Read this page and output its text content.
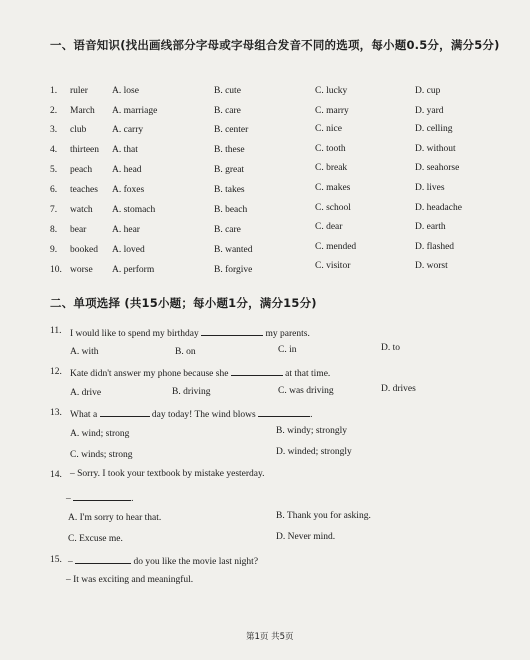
一、语音知识(找出画线部分字母或字母组合发音不同的选项，每小题0.5分，满分5分)
1. ruler	A. lose	B. cute	C. lucky	D. cup
2. March A. marriage	B. care	C. marry	D. yard
3. club	A. carry	B. center	C. nice	D. celling
4. thirteen A. that	B. these	C. tooth	D. without
5. peach A. head	B. great	C. break	D. seahorse
6. teaches A. foxes	B. takes	C. makes	D. lives
7. watch A. stomach	B. beach	C. school	D. headache
8. bear	A. hear	B. care	C. dear	D. earth
9. booked A. loved	B. wanted	C. mended	D. flashed
10. worse A. perform	B. forgive	C. visitor	D. worst
二、单项选择 (共15小题；每小题1分，满分15分)
11. I would like to spend my birthday	my parents.
A. with	B. on	C. in	D. to
12. Kate didn't answer my phone because she	at that time.
A. drive	B. driving	C. was driving	D. drives
13. What a	day today! The wind blows	.
A. wind; strong	B. windy; strongly
C. winds; strong	D. winded; strongly
14. – Sorry. I took your textbook by mistake yesterday.
–	.
A. I'm sorry to hear that.	B. Thank you for asking.
C. Excuse me.	D. Never mind.
15. –	do you like the movie last night?
– It was exciting and meaningful.
第1页 共5页
